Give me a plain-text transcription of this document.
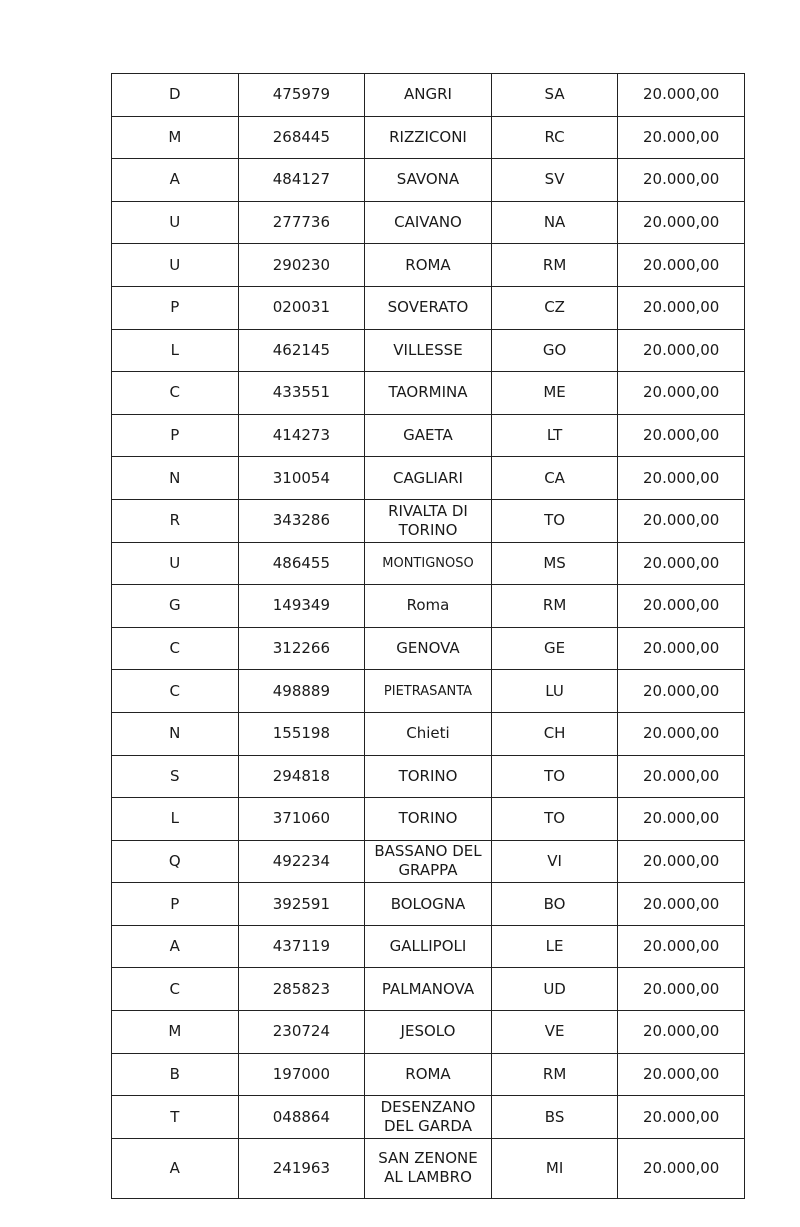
D	475979	ANGRI	SA	20.000,00
M	268445	RIZZICONI	RC	20.000,00
A	484127	SAVONA	SV	20.000,00
U	277736	CAIVANO	NA	20.000,00
U	290230	ROMA	RM	20.000,00
P	020031	SOVERATO	CZ	20.000,00
L	462145	VILLESSE	GO	20.000,00
C	433551	TAORMINA	ME	20.000,00
P	414273	GAETA	LT	20.000,00
N	310054	CAGLIARI	CA	20.000,00
R	343286	RIVALTA DI TORINO	TO	20.000,00
U	486455	MONTIGNOSO	MS	20.000,00
G	149349	Roma	RM	20.000,00
C	312266	GENOVA	GE	20.000,00
C	498889	PIETRASANTA	LU	20.000,00
N	155198	Chieti	CH	20.000,00
S	294818	TORINO	TO	20.000,00
L	371060	TORINO	TO	20.000,00
Q	492234	BASSANO DEL GRAPPA	VI	20.000,00
P	392591	BOLOGNA	BO	20.000,00
A	437119	GALLIPOLI	LE	20.000,00
C	285823	PALMANOVA	UD	20.000,00
M	230724	JESOLO	VE	20.000,00
B	197000	ROMA	RM	20.000,00
T	048864	DESENZANO DEL GARDA	BS	20.000,00
A	241963	SAN ZENONE AL LAMBRO	MI	20.000,00
